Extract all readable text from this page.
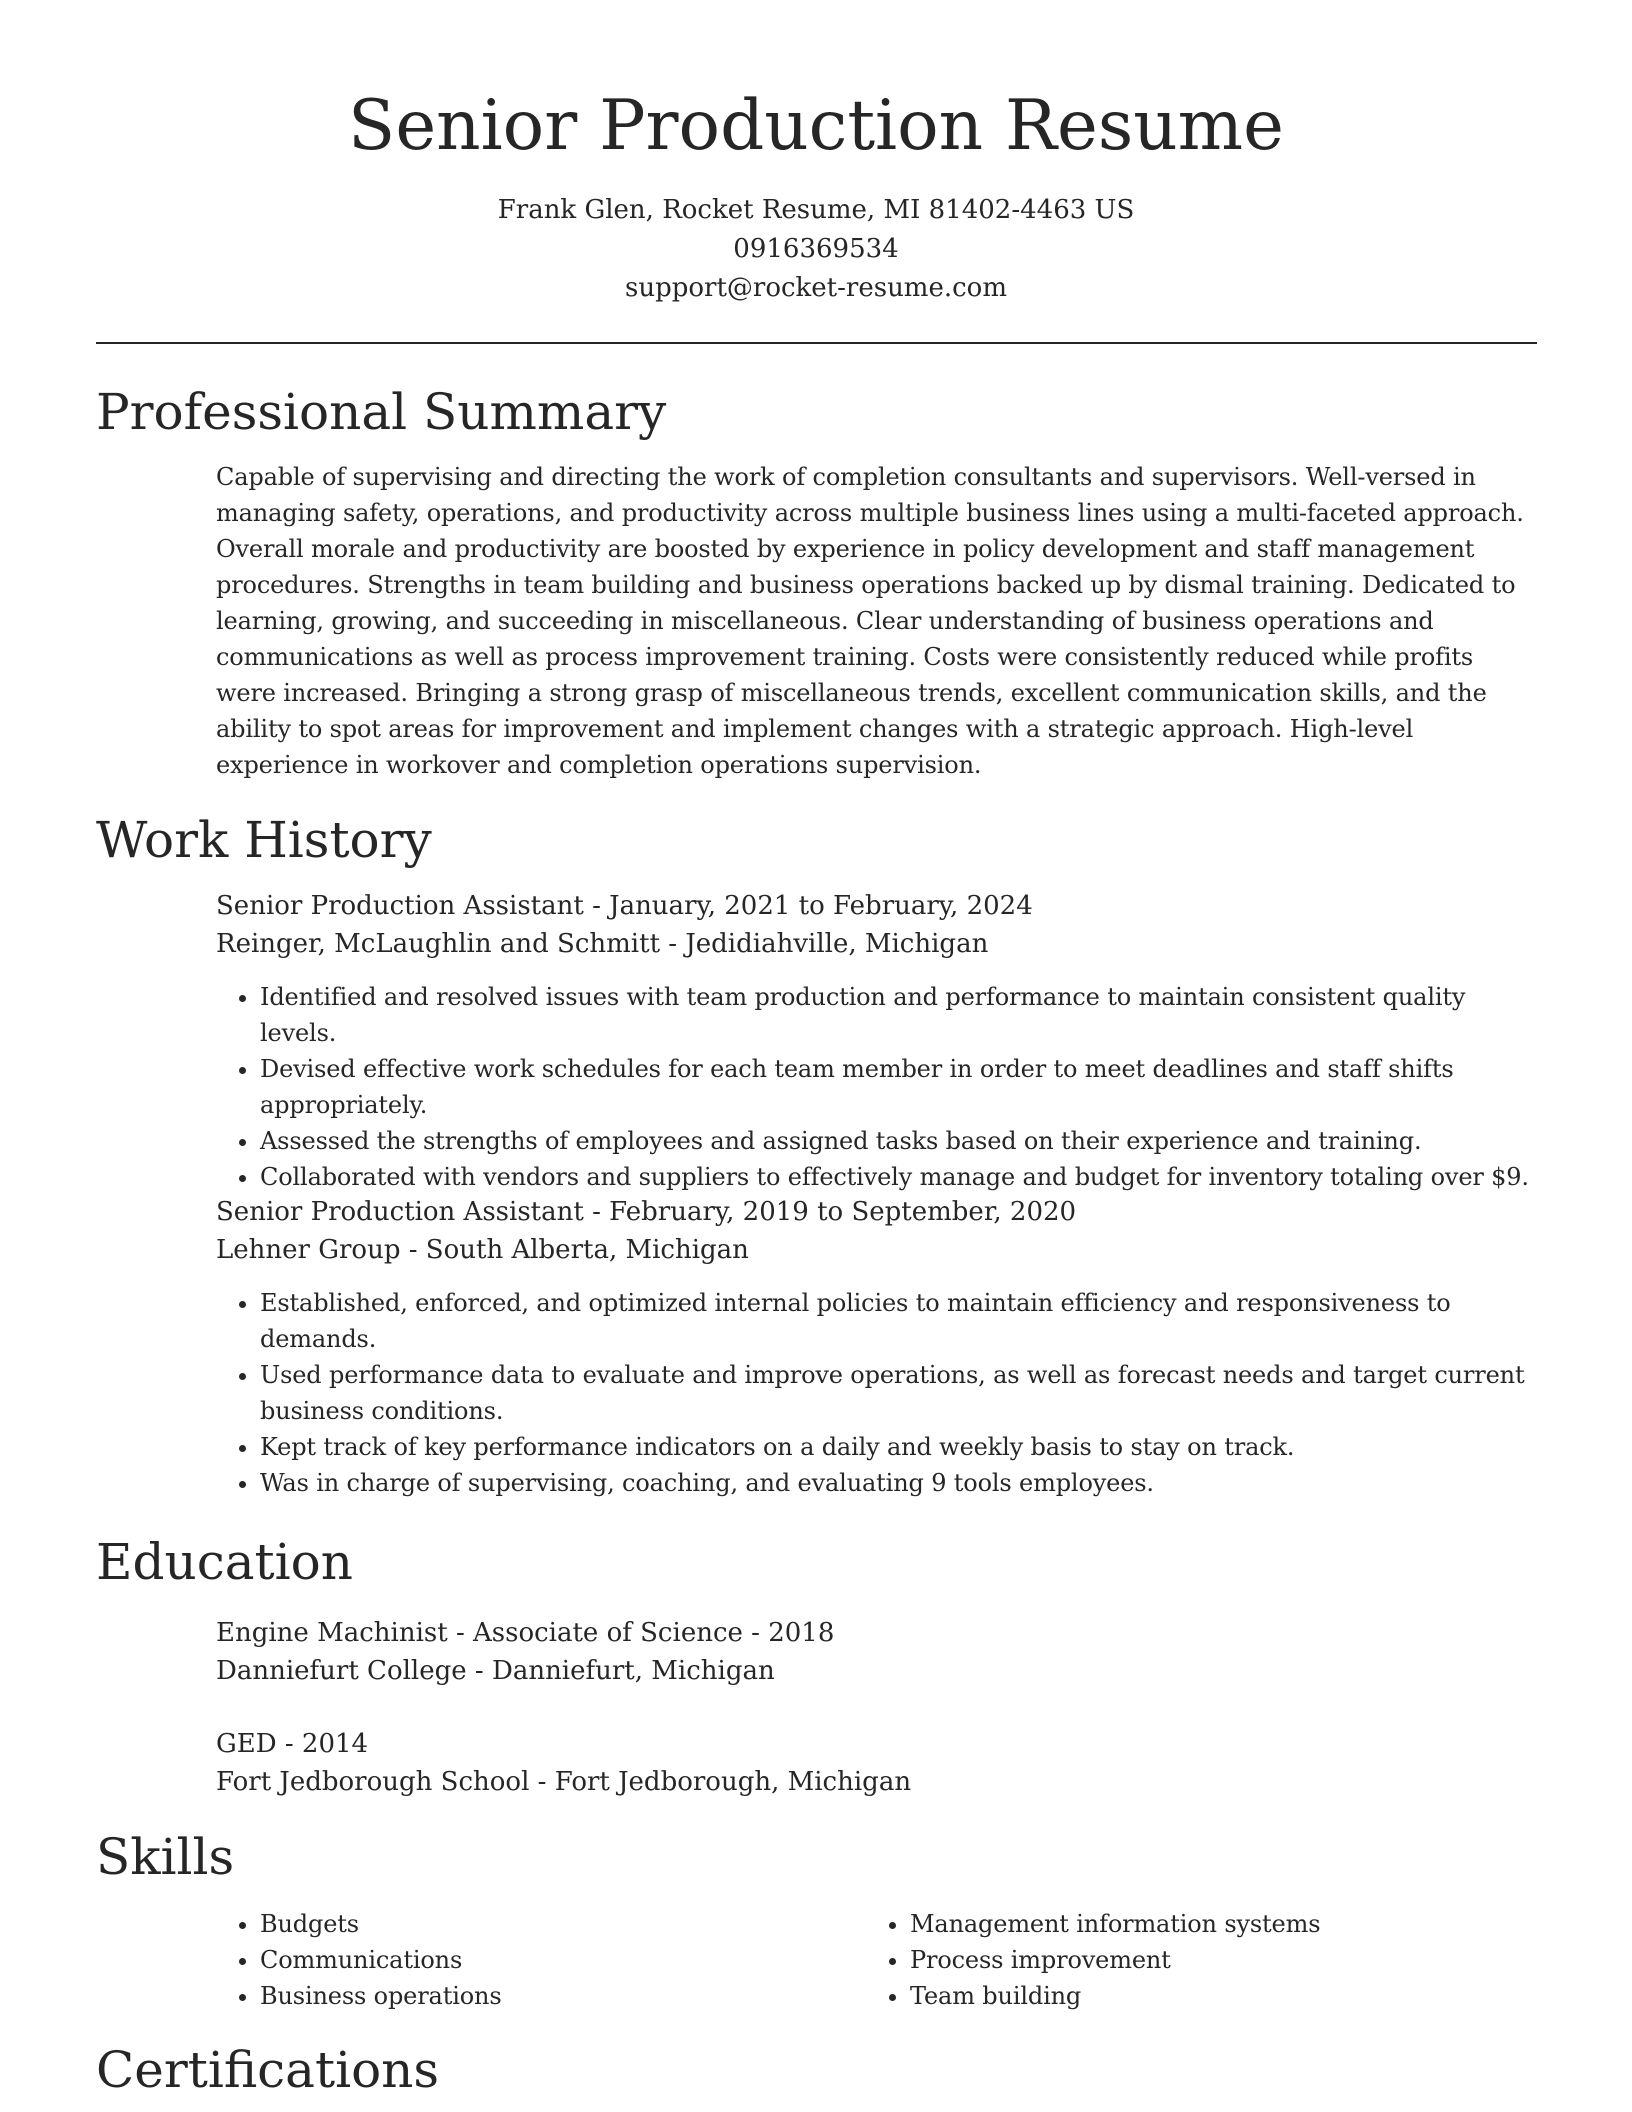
Senior Production Resume
Frank Glen, Rocket Resume, MI 81402-4463 US
0916369534
support@rocket-resume.com
Professional Summary

Capable of supervising and directing the work of completion consultants and supervisors. Well-versed in managing safety, operations, and productivity across multiple business lines using a multi-faceted approach. Overall morale and productivity are boosted by experience in policy development and staff management procedures. Strengths in team building and business operations backed up by dismal training. Dedicated to learning, growing, and succeeding in miscellaneous. Clear understanding of business operations and communications as well as process improvement training. Costs were consistently reduced while profits were increased. Bringing a strong grasp of miscellaneous trends, excellent communication skills, and the ability to spot areas for improvement and implement changes with a strategic approach. High-level experience in workover and completion operations supervision.

Work History
Senior Production Assistant - January, 2021 to February, 2024
Reinger, McLaughlin and Schmitt - Jedidiahville, Michigan
• Identified and resolved issues with team production and performance to maintain consistent quality levels.
• Devised effective work schedules for each team member in order to meet deadlines and staff shifts appropriately.
• Assessed the strengths of employees and assigned tasks based on their experience and training.
• Collaborated with vendors and suppliers to effectively manage and budget for inventory totaling over $9.
Senior Production Assistant - February, 2019 to September, 2020
Lehner Group - South Alberta, Michigan
• Established, enforced, and optimized internal policies to maintain efficiency and responsiveness to demands.
• Used performance data to evaluate and improve operations, as well as forecast needs and target current business conditions.
• Kept track of key performance indicators on a daily and weekly basis to stay on track.
• Was in charge of supervising, coaching, and evaluating 9 tools employees.
Education
Engine Machinist - Associate of Science - 2018
Danniefurt College - Danniefurt, Michigan
GED - 2014
Fort Jedborough School - Fort Jedborough, Michigan
Skills
• Budgets
• Communications
• Business operations
• Management information systems
• Process improvement
• Team building
Certifications
